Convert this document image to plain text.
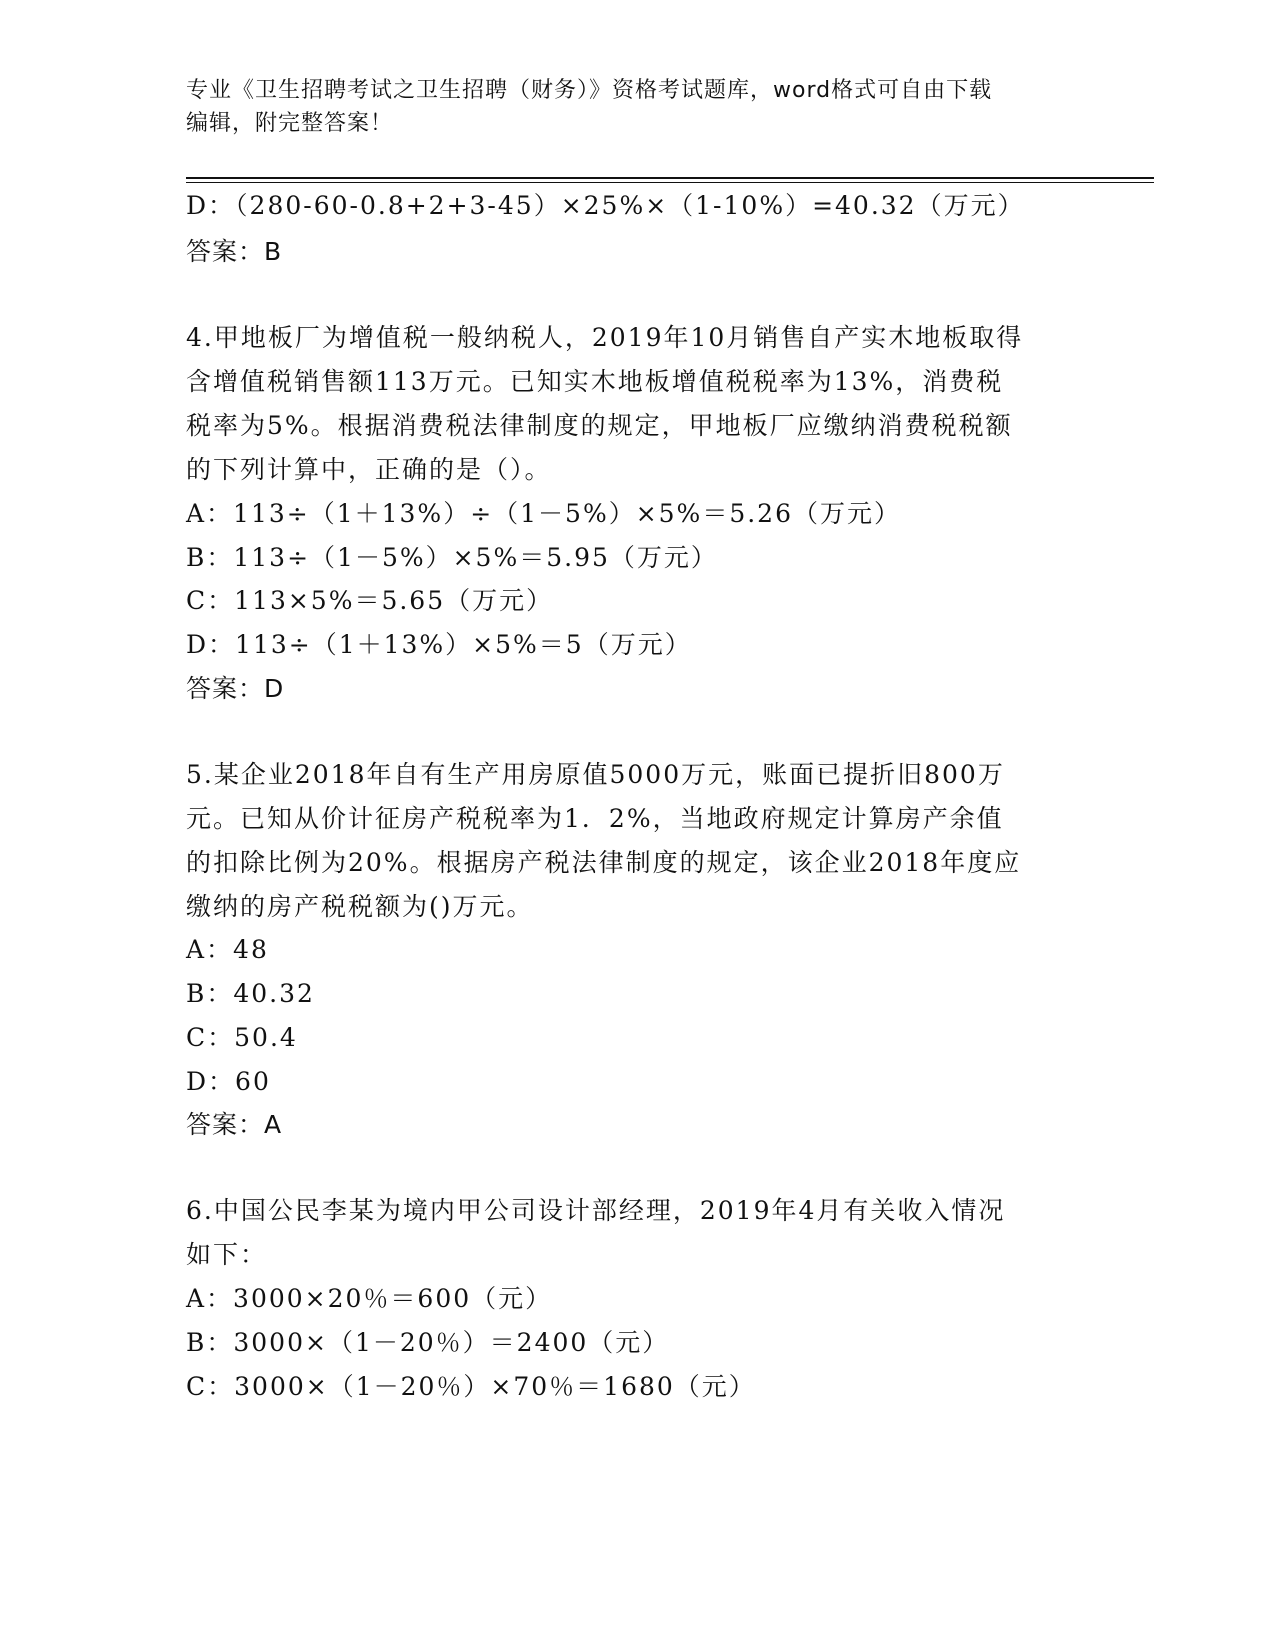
专业《卫生招聘考试之卫生招聘（财务）》资格考试题库，word格式可自由下载
编辑，附完整答案！
D：（280-60-0.8+2+3-45）×25%×（1-10%）=40.32（万元）
答案：B
4.甲地板厂为增值税一般纳税人，2019年10月销售自产实木地板取得
含增值税销售额113万元。已知实木地板增值税税率为13%，消费税
税率为5%。根据消费税法律制度的规定，甲地板厂应缴纳消费税税额
的下列计算中，正确的是（）。
A：113÷（1＋13%）÷（1－5%）×5%＝5.26（万元）
B：113÷（1－5%）×5%＝5.95（万元）
C：113×5%＝5.65（万元）
D：113÷（1＋13%）×5%＝5（万元）
答案：D
5.某企业2018年自有生产用房原值5000万元，账面已提折旧800万
元。已知从价计征房产税税率为1．2%，当地政府规定计算房产余值
的扣除比例为20%。根据房产税法律制度的规定，该企业2018年度应
缴纳的房产税税额为()万元。
A：48
B：40.32
C：50.4
D：60
答案：A
6.中国公民李某为境内甲公司设计部经理，2019年4月有关收入情况
如下：
A：3000×20％＝600（元）
B：3000×（1－20％）＝2400（元）
C：3000×（1－20％）×70％＝1680（元）
